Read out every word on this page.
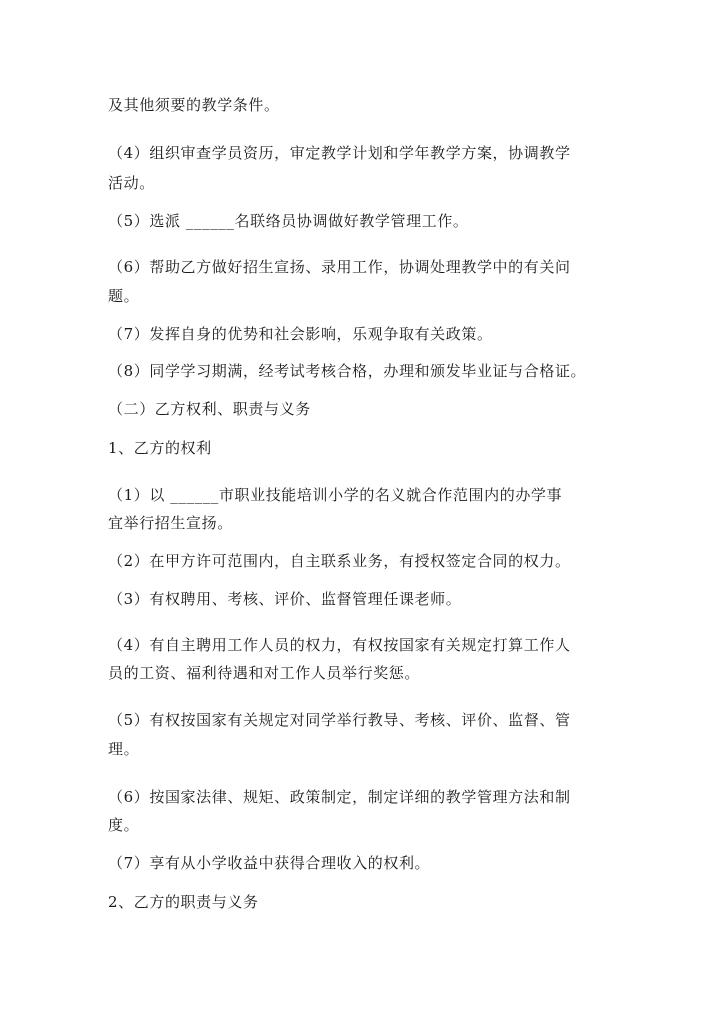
及其他须要的教学条件。
（4）组织审查学员资历，审定教学计划和学年教学方案，协调教学
活动。
（5）选派 ______名联络员协调做好教学管理工作。
（6）帮助乙方做好招生宣扬、录用工作，协调处理教学中的有关问
题。
（7）发挥自身的优势和社会影响，乐观争取有关政策。
（8）同学学习期满，经考试考核合格，办理和颁发毕业证与合格证。
（二）乙方权利、职责与义务
1、乙方的权利
（1）以 ______市职业技能培训小学的名义就合作范围内的办学事
宜举行招生宣扬。
（2）在甲方许可范围内，自主联系业务，有授权签定合同的权力。
（3）有权聘用、考核、评价、监督管理任课老师。
（4）有自主聘用工作人员的权力，有权按国家有关规定打算工作人
员的工资、福利待遇和对工作人员举行奖惩。
（5）有权按国家有关规定对同学举行教导、考核、评价、监督、管
理。
（6）按国家法律、规矩、政策制定，制定详细的教学管理方法和制
度。
（7）享有从小学收益中获得合理收入的权利。
2、乙方的职责与义务
